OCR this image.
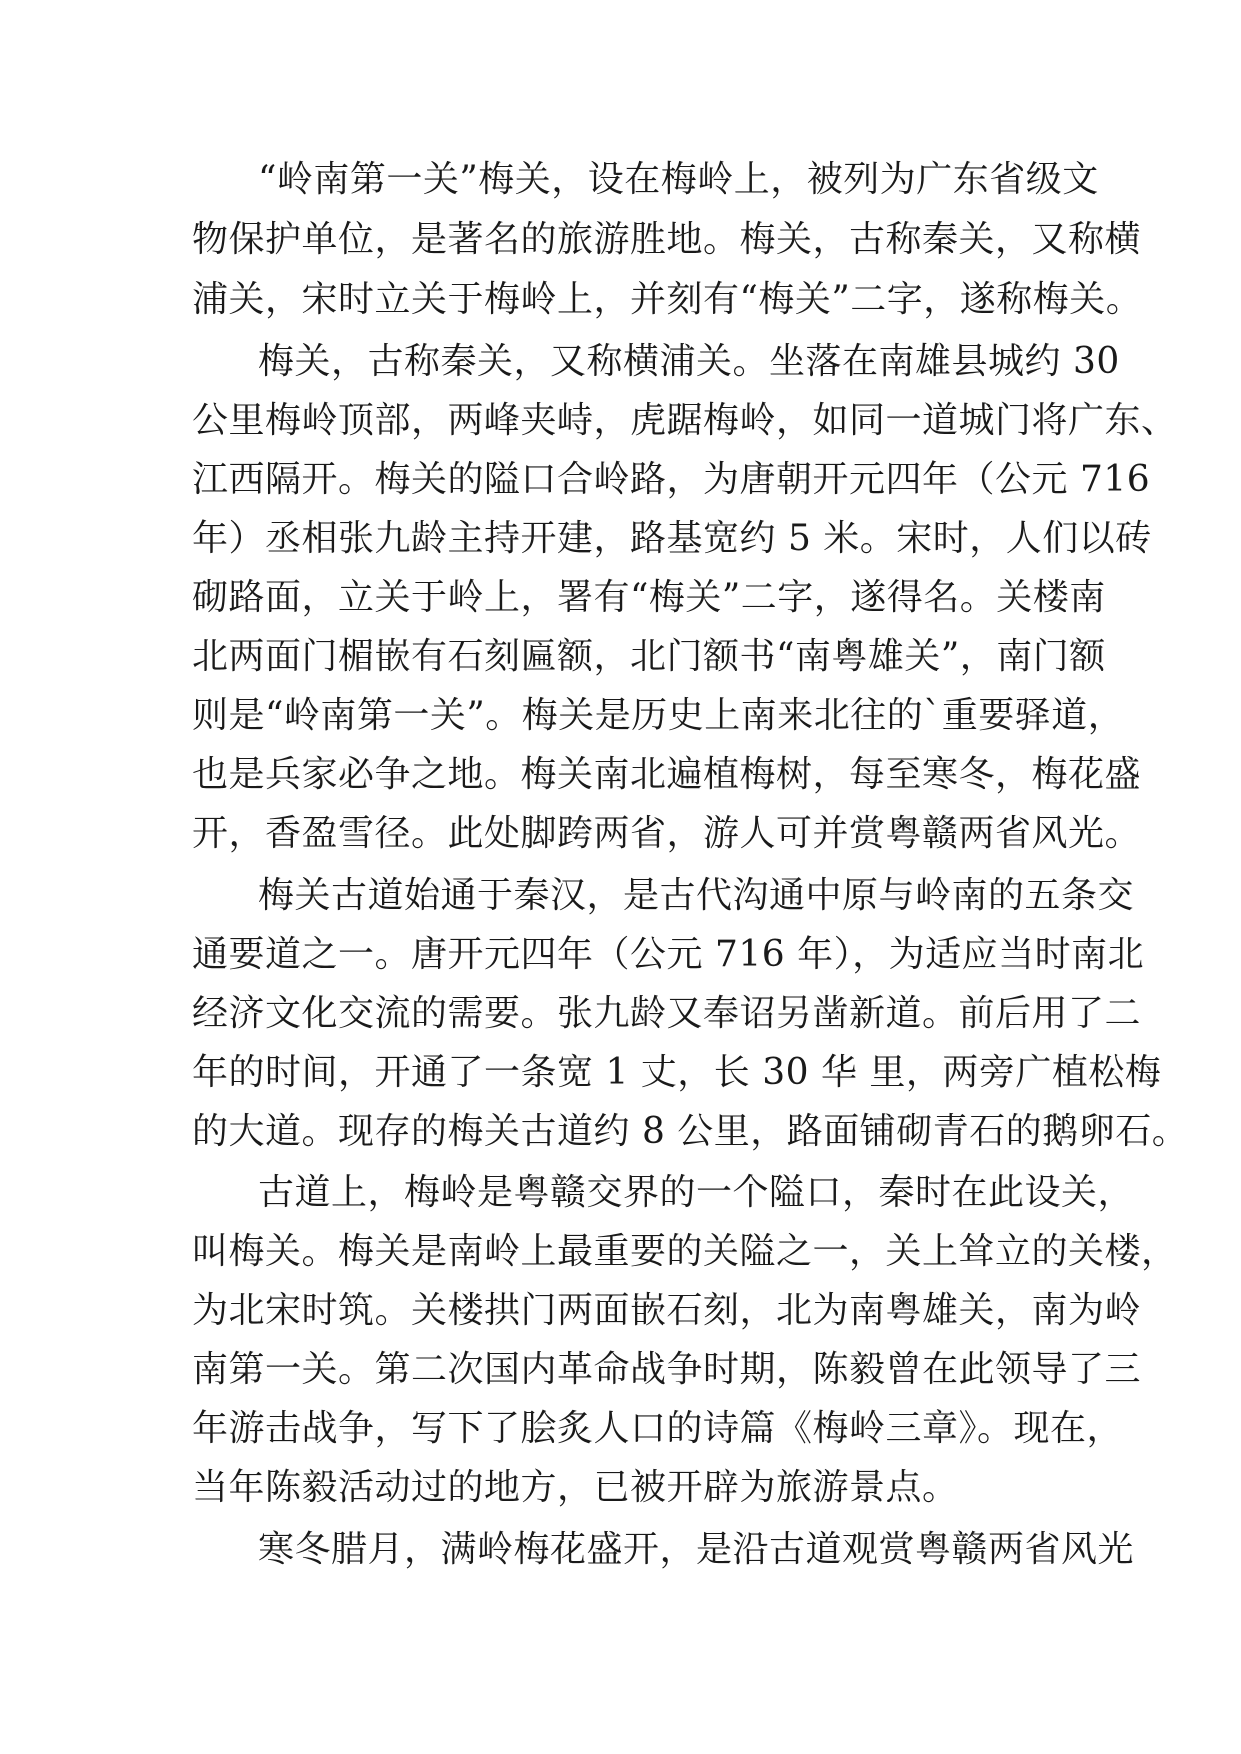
“岭南第一关”梅关，设在梅岭上，被列为广东省级文
物保护单位，是著名的旅游胜地。梅关，古称秦关，又称横
浦关，宋时立关于梅岭上，并刻有“梅关”二字，遂称梅关。
梅关，古称秦关，又称横浦关。坐落在南雄县城约 30
公里梅岭顶部，两峰夹峙，虎踞梅岭，如同一道城门将广东、
江西隔开。梅关的隘口合岭路，为唐朝开元四年（公元 716
年）丞相张九龄主持开建，路基宽约 5 米。宋时，人们以砖
砌路面，立关于岭上，署有“梅关”二字，遂得名。关楼南
北两面门楣嵌有石刻匾额，北门额书“南粤雄关”，南门额
则是“岭南第一关”。梅关是历史上南来北往的`重要驿道，
也是兵家必争之地。梅关南北遍植梅树，每至寒冬，梅花盛
开，香盈雪径。此处脚跨两省，游人可并赏粤赣两省风光。
梅关古道始通于秦汉，是古代沟通中原与岭南的五条交
通要道之一。唐开元四年（公元 716 年），为适应当时南北
经济文化交流的需要。张九龄又奉诏另凿新道。前后用了二
年的时间，开通了一条宽 1 丈，长 30 华 里，两旁广植松梅
的大道。现存的梅关古道约 8 公里，路面铺砌青石的鹅卵石。
古道上，梅岭是粤赣交界的一个隘口，秦时在此设关，
叫梅关。梅关是南岭上最重要的关隘之一，关上耸立的关楼，
为北宋时筑。关楼拱门两面嵌石刻，北为南粤雄关，南为岭
南第一关。第二次国内革命战争时期，陈毅曾在此领导了三
年游击战争，写下了脍炙人口的诗篇《梅岭三章》。现在，
当年陈毅活动过的地方，已被开辟为旅游景点。
寒冬腊月，满岭梅花盛开，是沿古道观赏粤赣两省风光
